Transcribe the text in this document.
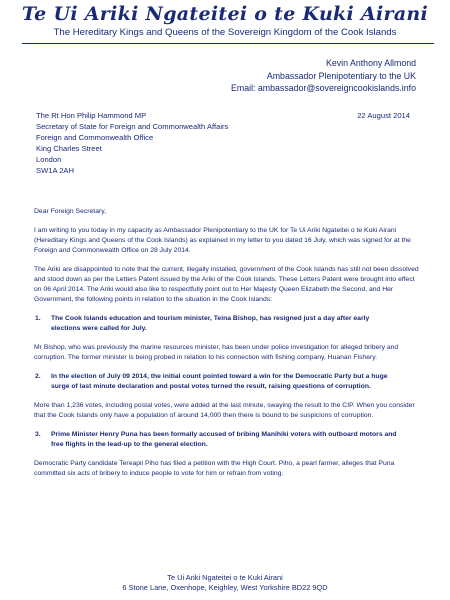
Te Ui Ariki Ngateitei o te Kuki Airani
The Hereditary Kings and Queens of the Sovereign Kingdom of the Cook Islands
Kevin Anthony Allmond
Ambassador Plenipotentiary to the UK
Email: ambassador@sovereigncookislands.info
The Rt Hon Philip Hammond MP
Secretary of State for Foreign and Commonwealth Affairs
Foreign and Commonwealth Office
King Charles Street
London
SW1A 2AH
22 August 2014

Dear Foreign Secretary,

I am writing to you today in my capacity as Ambassador Plenipotentiary to the UK for Te Ui Ariki Ngateitei o te Kuki Airani (Hereditary Kings and Queens of the Cook Islands) as explained in my letter to you dated 16 July, which was signed for at the Foreign and Commonwealth Office on 28 July 2014.

The Ariki are disappointed to note that the current, illegally installed, government of the Cook Islands has still not been dissolved and stood down as per the Letters Patent issued by the Ariki of the Cook Islands. These Letters Patent were brought into effect on 06 April 2014. The Ariki would also like to respectfully point out to Her Majesty Queen Elizabeth the Second, and Her Government, the following points in relation to the situation in the Cook Islands:

1.	The Cook Islands education and tourism minister, Teina Bishop, has resigned just a day after early elections were called for July.

Mr Bishop, who was previously the marine resources minister, has been under police investigation for alleged bribery and corruption. The former minister is being probed in relation to his connection with fishing company, Huanan Fishery.

2.	In the election of July 09 2014, the initial count pointed toward a win for the Democratic Party but a huge surge of last minute declaration and postal votes turned the result, raising questions of corruption.

More than 1,236 votes, including postal votes, were added at the last minute, swaying the result to the CIP. When you consider that the Cook Islands only have a population of around 14,000 then there is bound to be suspicions of corruption.

3.	Prime Minister Henry Puna has been formally accused of bribing Manihiki voters with outboard motors and free flights in the lead-up to the general election.

Democratic Party candidate Tereapii Piho has filed a petition with the High Court. Piho, a pearl farmer, alleges that Puna committed six acts of bribery to induce people to vote for him or refrain from voting.

Te Ui Ariki Ngateitei o te Kuki Airani
6 Stone Lane, Oxenhope, Keighley, West Yorkshire BD22 9QD
